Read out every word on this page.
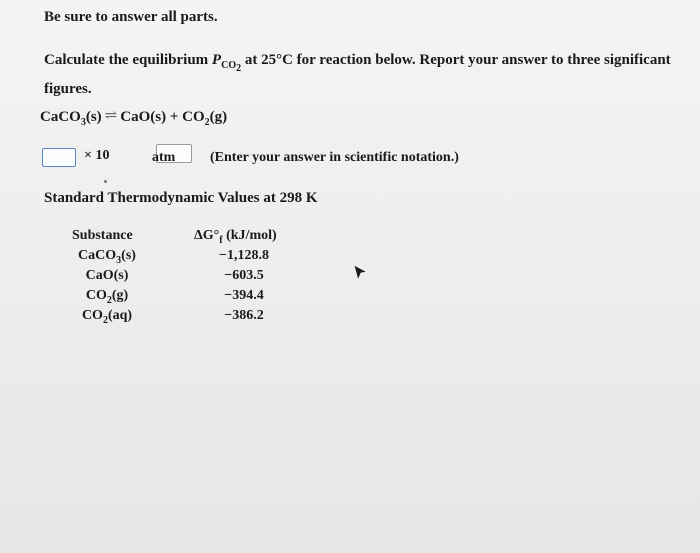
Be sure to answer all parts.
Calculate the equilibrium $P_{CO_2}$ at 25°C for reaction below. Report your answer to three significant figures.
CaCO$_3$(s) ⇌ $CaO(s) + CO_2(g)$
× 10	atm (Enter your answer in scientific notation.)
Standard Thermodynamic Values at 298 K
Substance
CaCO$_3$(s)
CaO(s)
$CO_2(g)$
$CO_2(aq)$
$\Delta G^\circ_f$ (kJ/mol)
−1,128.8
−603.5
−394.4
−386.2
